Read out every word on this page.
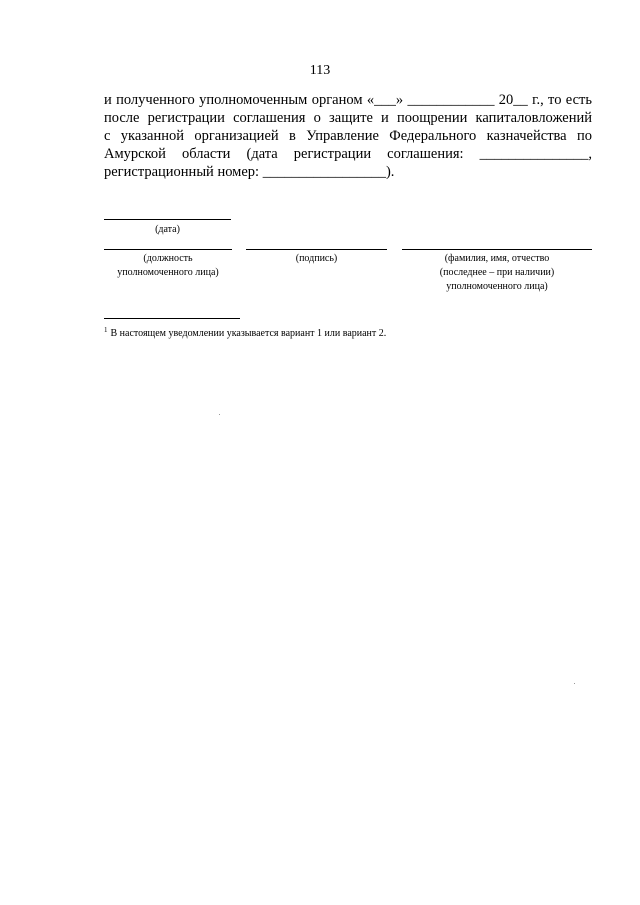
113
и полученного уполномоченным органом «___» ____________ 20__ г., то есть
после регистрации соглашения о защите и поощрении капиталовложений
с указанной организацией в Управление Федерального казначейства по
Амурской области (дата регистрации соглашения: _______________,
регистрационный номер: _________________).
(дата)
(должность
уполномоченного лица)
(подпись)	(фамилия, имя, отчество
(последнее – при наличии)
уполномоченного лица)
$^1$ В настоящем уведомлении указывается вариант 1 или вариант 2.
